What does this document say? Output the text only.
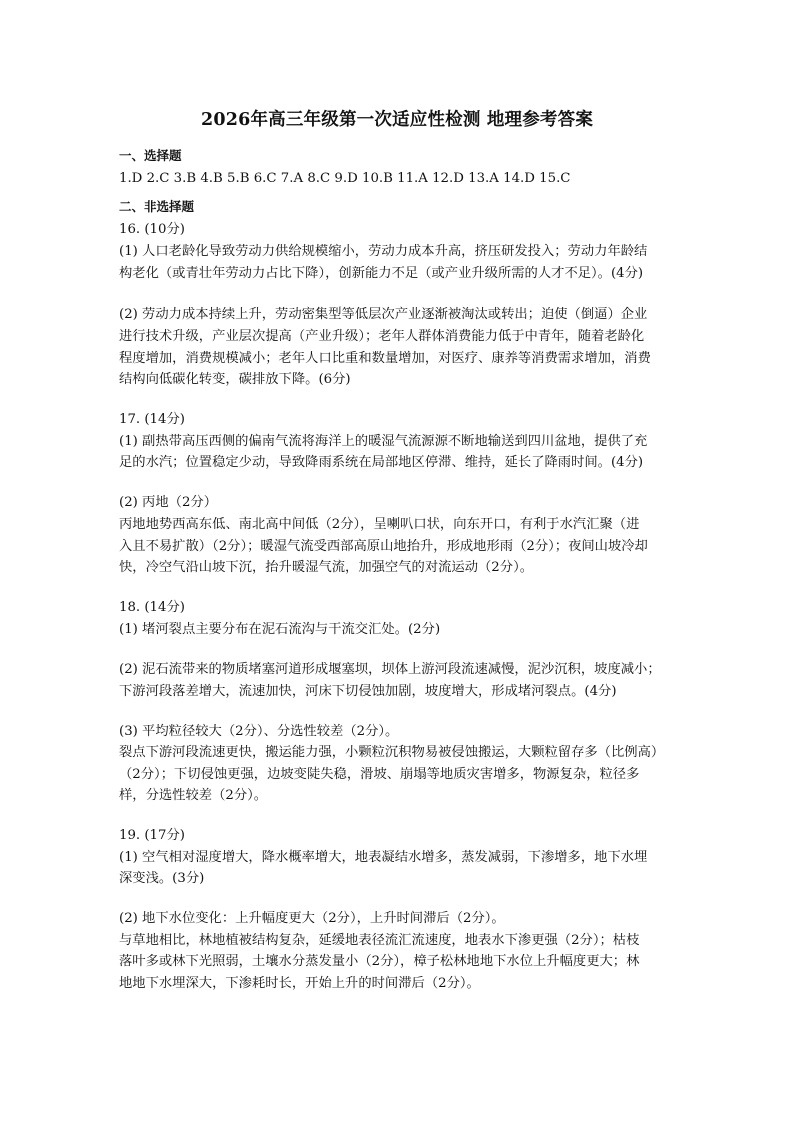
2026年高三年级第一次适应性检测 地理参考答案
一、选择题
1.D 2.C 3.B 4.B 5.B 6.C 7.A 8.C 9.D 10.B 11.A 12.D 13.A 14.D 15.C
二、非选择题
16. (10分)
(1) 人口老龄化导致劳动力供给规模缩小，劳动力成本升高，挤压研发投入；劳动力年龄结
构老化（或青壮年劳动力占比下降），创新能力不足（或产业升级所需的人才不足）。(4分)
(2) 劳动力成本持续上升，劳动密集型等低层次产业逐渐被淘汰或转出；迫使（倒逼）企业
进行技术升级，产业层次提高（产业升级）；老年人群体消费能力低于中青年，随着老龄化
程度增加，消费规模减小；老年人口比重和数量增加，对医疗、康养等消费需求增加，消费
结构向低碳化转变，碳排放下降。(6分)
17. (14分)
(1) 副热带高压西侧的偏南气流将海洋上的暖湿气流源源不断地输送到四川盆地，提供了充
足的水汽；位置稳定少动，导致降雨系统在局部地区停滞、维持，延长了降雨时间。(4分)
(2) 丙地（2分）
丙地地势西高东低、南北高中间低（2分），呈喇叭口状，向东开口，有利于水汽汇聚（进
入且不易扩散）（2分）；暖湿气流受西部高原山地抬升，形成地形雨（2分）；夜间山坡冷却
快，冷空气沿山坡下沉，抬升暖湿气流，加强空气的对流运动（2分）。
18. (14分)
(1) 堵河裂点主要分布在泥石流沟与干流交汇处。(2分)
(2) 泥石流带来的物质堵塞河道形成堰塞坝，坝体上游河段流速减慢，泥沙沉积，坡度减小；
下游河段落差增大，流速加快，河床下切侵蚀加剧，坡度增大，形成堵河裂点。(4分)
(3) 平均粒径较大（2分）、分选性较差（2分）。
裂点下游河段流速更快，搬运能力强，小颗粒沉积物易被侵蚀搬运，大颗粒留存多（比例高）
（2分）；下切侵蚀更强，边坡变陡失稳，滑坡、崩塌等地质灾害增多，物源复杂，粒径多
样，分选性较差（2分）。
19. (17分)
(1) 空气相对湿度增大，降水概率增大，地表凝结水增多，蒸发减弱，下渗增多，地下水埋
深变浅。(3分)
(2) 地下水位变化：上升幅度更大（2分），上升时间滞后（2分）。
与草地相比，林地植被结构复杂，延缓地表径流汇流速度，地表水下渗更强（2分）；枯枝
落叶多或林下光照弱，土壤水分蒸发量小（2分），樟子松林地地下水位上升幅度更大；林
地地下水埋深大，下渗耗时长，开始上升的时间滞后（2分）。
